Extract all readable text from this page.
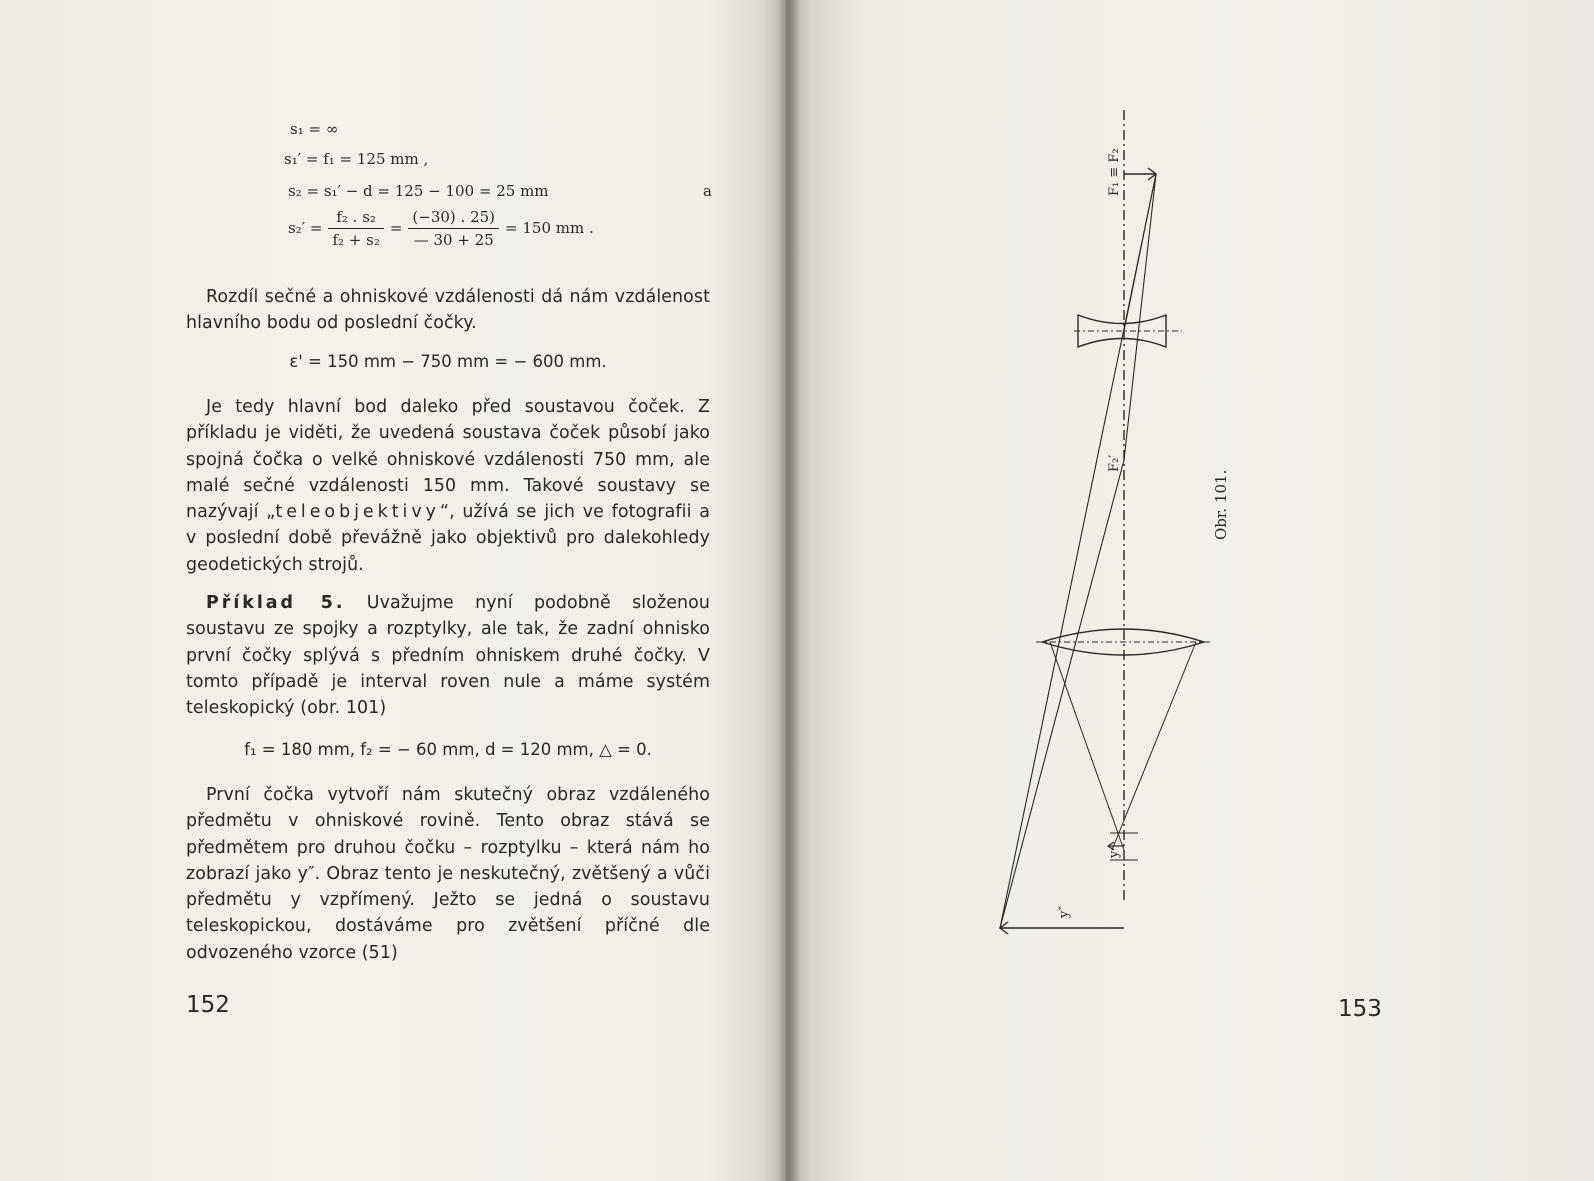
s₁ = ∞
s₁′ = f₁ = 125 mm ,
s₂ = s₁′ − d = 125 − 100 = 25 mm	a
$s_2' = \frac{\text{f₂ . s₂}}{\text{f₂ + s₂}} = \frac{(-30) . 25)}{— 30 + 25} = 150$ mm .

Rozdíl sečné a ohniskové vzdálenosti dá nám vzdálenost hlavního bodu od poslední čočky.

ε' = 150 mm − 750 mm = − 600 mm.

Je tedy hlavní bod daleko před soustavou čoček. Z příkladu je viděti, že uvedená soustava čoček působí jako spojná čočka o velké ohniskové vzdálenosti 750 mm, ale malé sečné vzdálenosti 150 mm. Takové soustavy se nazývají „teleobjektivy“, užívá se jich ve fotografii a v poslední době převážně jako objektivů pro dalekohledy geodetických strojů.

Příklad 5. Uvažujme nyní podobně složenou soustavu ze spojky a rozptylky, ale tak, že zadní ohnisko první čočky splývá s předním ohniskem druhé čočky. V tomto případě je interval roven nule a máme systém teleskopický (obr. 101)

f₁ = 180 mm, f₂ = − 60 mm, d = 120 mm, △ = 0.

První čočka vytvoří nám skutečný obraz vzdáleného předmětu v ohniskové rovině. Tento obraz stává se předmětem pro druhou čočku – rozptylku – která nám ho zobrazí jako y″. Obraz tento je neskutečný, zvětšený a vůči předmětu y vzpřímený. Ježto se jedná o soustavu teleskopickou, dostáváme pro zvětšení příčné dle odvozeného vzorce (51)

152
F₁ ≡ F₂
F₂′
y
y″
Obr. 101.
153
